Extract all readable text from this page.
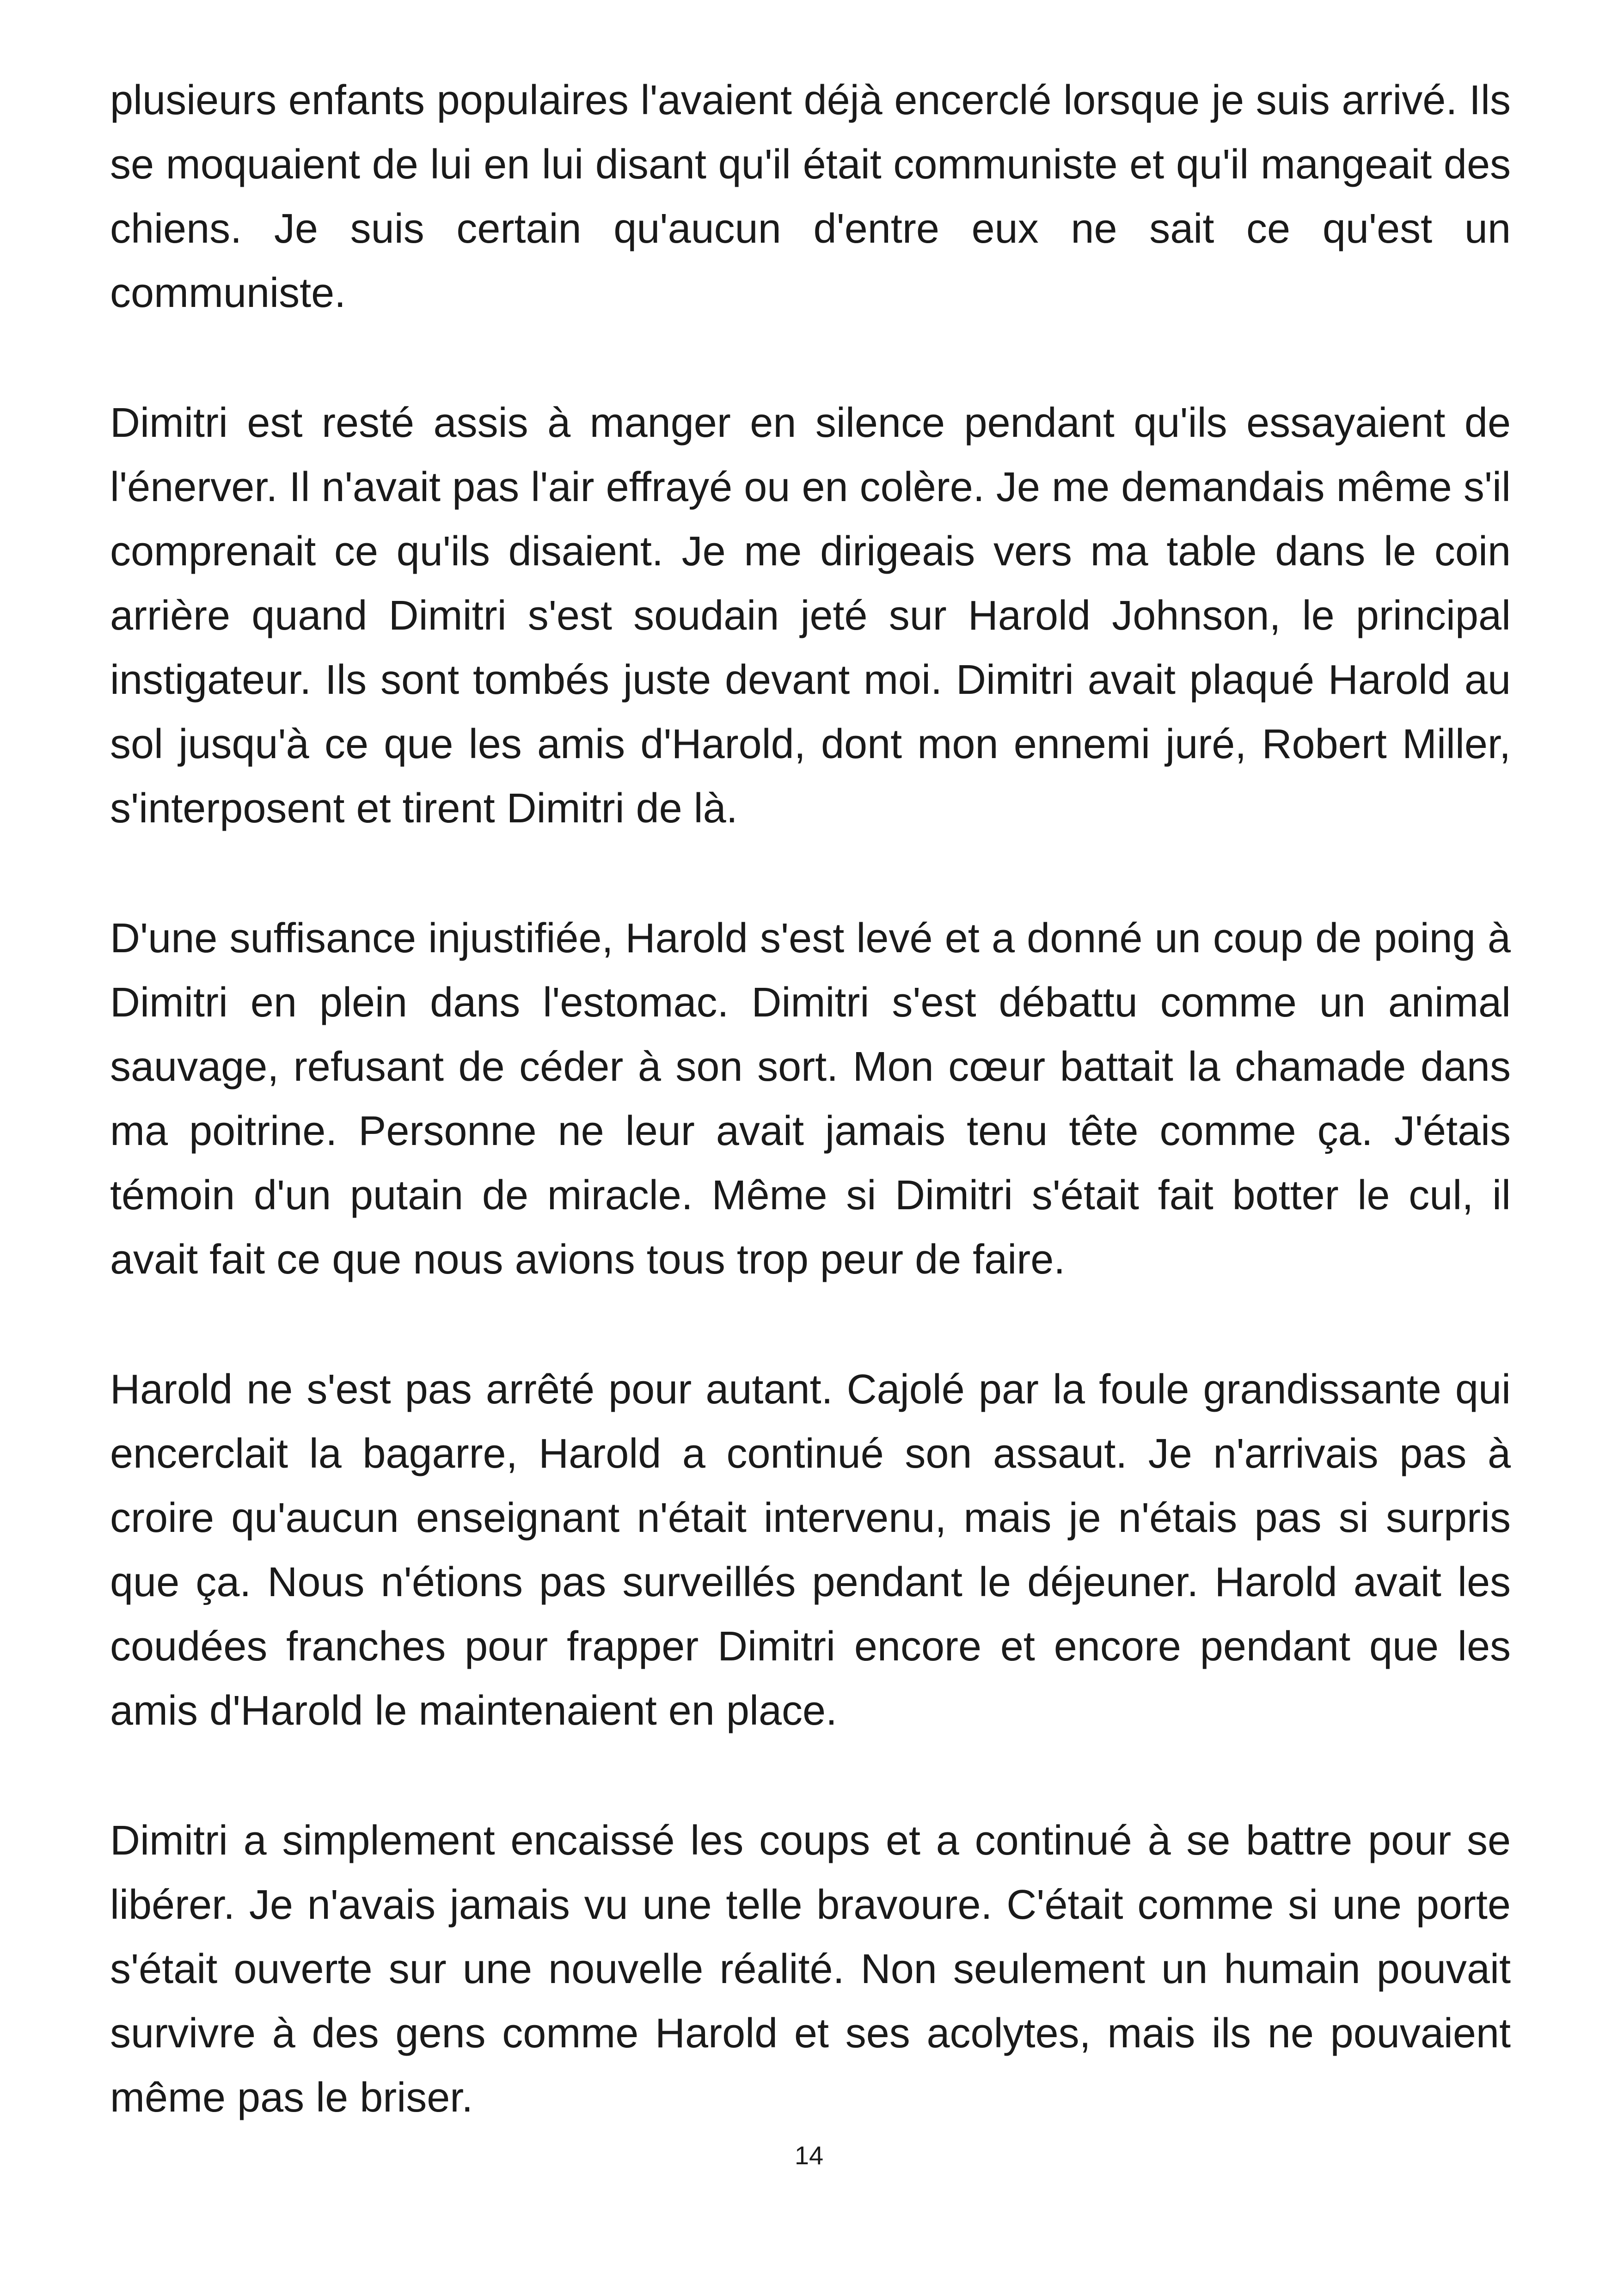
plusieurs enfants populaires l'avaient déjà encerclé lorsque je suis arrivé. Ils se moquaient de lui en lui disant qu'il était communiste et qu'il mangeait des chiens. Je suis certain qu'aucun d'entre eux ne sait ce qu'est un communiste.

Dimitri est resté assis à manger en silence pendant qu'ils essayaient de l'énerver. Il n'avait pas l'air effrayé ou en colère. Je me demandais même s'il comprenait ce qu'ils disaient. Je me dirigeais vers ma table dans le coin arrière quand Dimitri s'est soudain jeté sur Harold Johnson, le principal instigateur. Ils sont tombés juste devant moi. Dimitri avait plaqué Harold au sol jusqu'à ce que les amis d'Harold, dont mon ennemi juré, Robert Miller, s'interposent et tirent Dimitri de là.

D'une suffisance injustifiée, Harold s'est levé et a donné un coup de poing à Dimitri en plein dans l'estomac. Dimitri s'est débattu comme un animal sauvage, refusant de céder à son sort. Mon cœur battait la chamade dans ma poitrine. Personne ne leur avait jamais tenu tête comme ça. J'étais témoin d'un putain de miracle. Même si Dimitri s'était fait botter le cul, il avait fait ce que nous avions tous trop peur de faire.

Harold ne s'est pas arrêté pour autant. Cajolé par la foule grandissante qui encerclait la bagarre, Harold a continué son assaut. Je n'arrivais pas à croire qu'aucun enseignant n'était intervenu, mais je n'étais pas si surpris que ça. Nous n'étions pas surveillés pendant le déjeuner. Harold avait les coudées franches pour frapper Dimitri encore et encore pendant que les amis d'Harold le maintenaient en place.

Dimitri a simplement encaissé les coups et a continué à se battre pour se libérer. Je n'avais jamais vu une telle bravoure. C'était comme si une porte s'était ouverte sur une nouvelle réalité. Non seulement un humain pouvait survivre à des gens comme Harold et ses acolytes, mais ils ne pouvaient même pas le briser.

14
